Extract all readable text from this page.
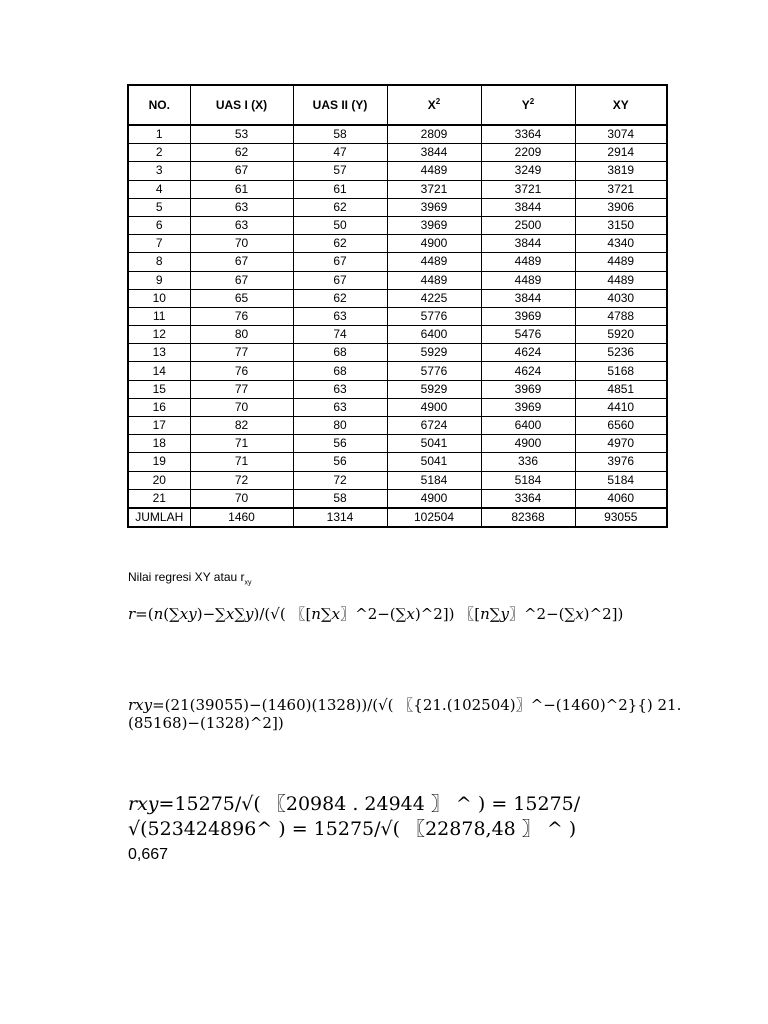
NO.	UAS I (X)	UAS II (Y)	$X^2$	$Y^2$	XY
1	53	58	2809	3364	3074
2	62	47	3844	2209	2914
3	67	57	4489	3249	3819
4	61	61	3721	3721	3721
5	63	62	3969	3844	3906
6	63	50	3969	2500	3150
7	70	62	4900	3844	4340
8	67	67	4489	4489	4489
9	67	67	4489	4489	4489
10	65	62	4225	3844	4030
11	76	63	5776	3969	4788
12	80	74	6400	5476	5920
13	77	68	5929	4624	5236
14	76	68	5776	4624	5168
15	77	63	5929	3969	4851
16	70	63	4900	3969	4410
17	82	80	6724	6400	6560
18	71	56	5041	4900	4970
19	71	56	5041	336	3976
20	72	72	5184	5184	5184
21	70	58	4900	3364	4060
JUMLAH	1460	1314	102504	82368	93055
Nilai regresi XY atau $r_{xy}$
𝑟=(𝑛(∑𝑥𝑦)−∑𝑥∑𝑦)/(√( 〖[𝑛∑𝑥〗^2−(∑𝑥)^2]) 〖[𝑛∑𝑦〗^2−(∑𝑥)^2])
𝑟𝑥𝑦=(21(39055)−(1460)(1328))/(√( 〖{21.(102504)〗^−(1460)^2}{) 21.(85168)−(1328)^2])
𝑟𝑥𝑦=15275/√( 〖20984 . 24944 〗 ^ ) = 15275/√(523424896^ ) = 15275/√( 〖22878,48 〗 ^ )
0,667
